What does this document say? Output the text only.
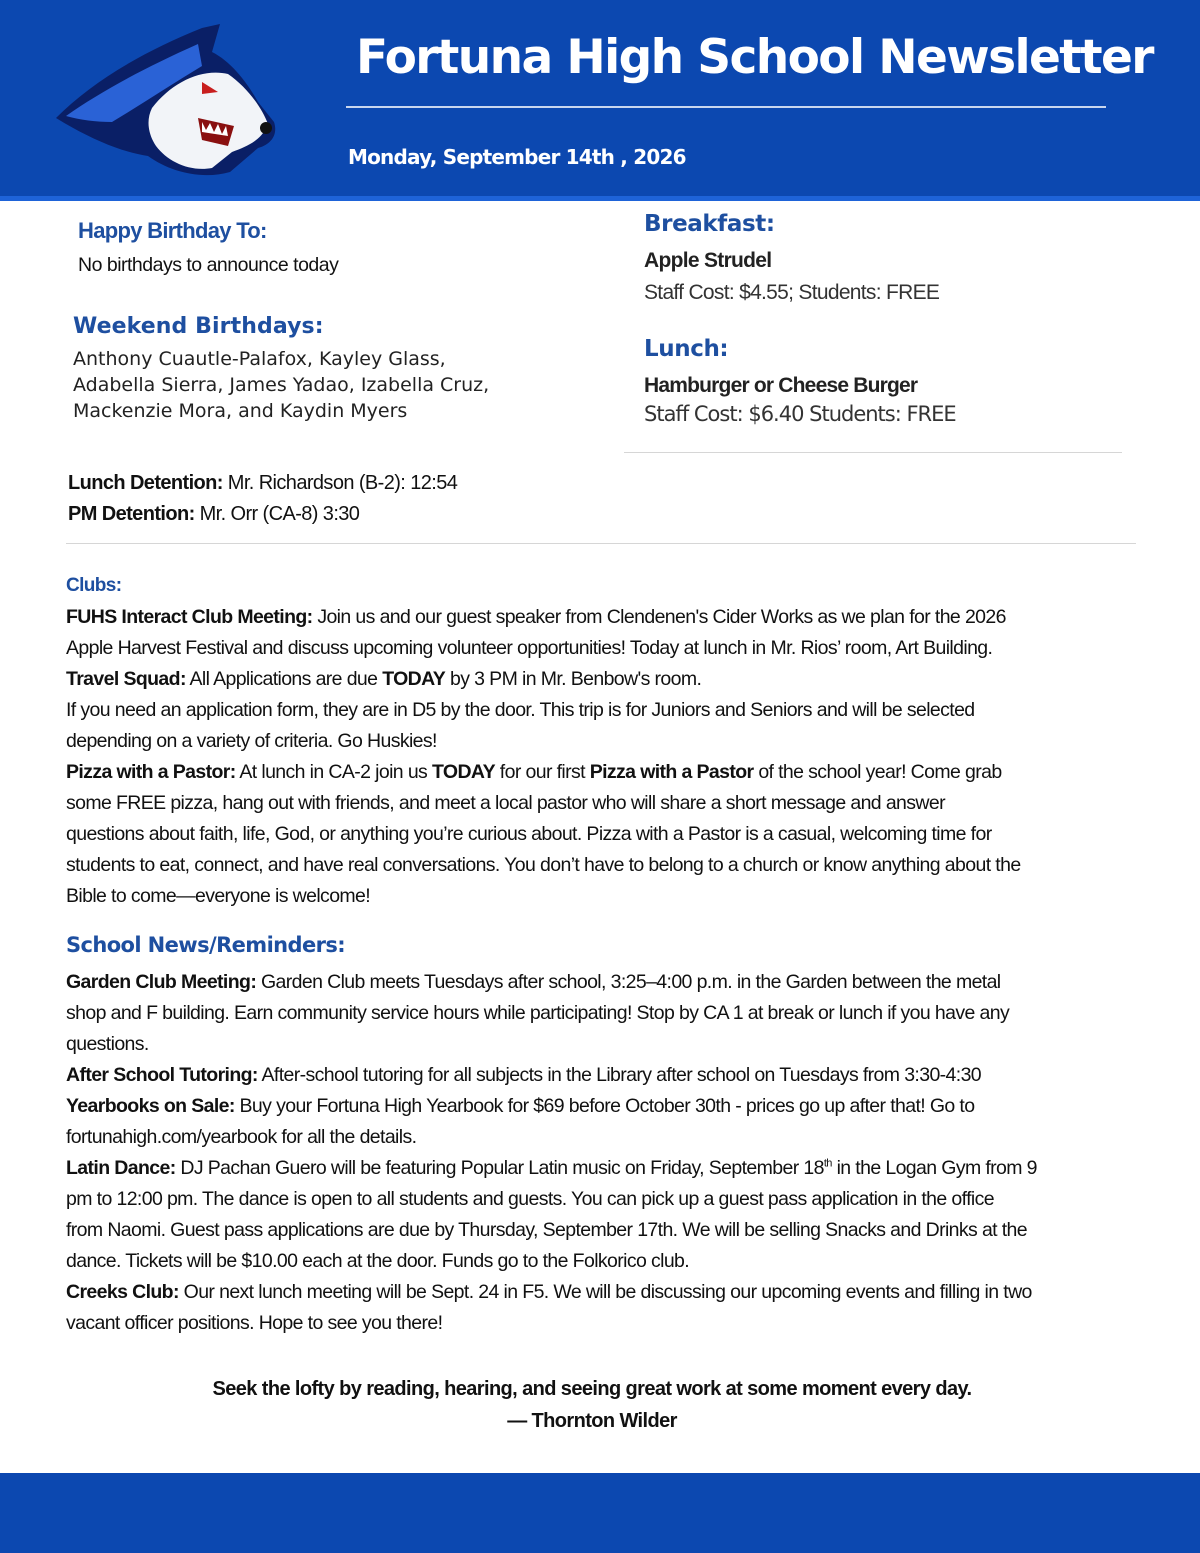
Fortuna High School Newsletter
Monday, September 14th , 2026
Happy Birthday To:
No birthdays to announce today
Weekend Birthdays:
Anthony Cuautle-Palafox, Kayley Glass,
Adabella Sierra, James Yadao, Izabella Cruz,
Mackenzie Mora, and Kaydin Myers
Breakfast:
Apple Strudel
Staff Cost: $4.55; Students: FREE
Lunch:
Hamburger or Cheese Burger
Staff Cost: $6.40 Students: FREE
Lunch Detention: Mr. Richardson (B-2): 12:54
PM Detention: Mr. Orr (CA-8) 3:30
Clubs:
FUHS Interact Club Meeting: Join us and our guest speaker from Clendenen's Cider Works as we plan for the 2026
Apple Harvest Festival and discuss upcoming volunteer opportunities! Today at lunch in Mr. Rios’ room, Art Building.
Travel Squad: All Applications are due TODAY by 3 PM in Mr. Benbow's room.
If you need an application form, they are in D5 by the door. This trip is for Juniors and Seniors and will be selected
depending on a variety of criteria. Go Huskies!
Pizza with a Pastor: At lunch in CA-2 join us TODAY for our first Pizza with a Pastor of the school year! Come grab
some FREE pizza, hang out with friends, and meet a local pastor who will share a short message and answer
questions about faith, life, God, or anything you’re curious about. Pizza with a Pastor is a casual, welcoming time for
students to eat, connect, and have real conversations. You don’t have to belong to a church or know anything about the
Bible to come—everyone is welcome!
School News/Reminders:
Garden Club Meeting: Garden Club meets Tuesdays after school, 3:25–4:00 p.m. in the Garden between the metal
shop and F building. Earn community service hours while participating! Stop by CA 1 at break or lunch if you have any
questions.
After School Tutoring: After-school tutoring for all subjects in the Library after school on Tuesdays from 3:30-4:30
Yearbooks on Sale: Buy your Fortuna High Yearbook for $69 before October 30th - prices go up after that! Go to
fortunahigh.com/yearbook for all the details.
Latin Dance: DJ Pachan Guero will be featuring Popular Latin music on Friday, September 18th in the Logan Gym from 9
pm to 12:00 pm. The dance is open to all students and guests. You can pick up a guest pass application in the office
from Naomi. Guest pass applications are due by Thursday, September 17th. We will be selling Snacks and Drinks at the
dance. Tickets will be $10.00 each at the door. Funds go to the Folkorico club.
Creeks Club: Our next lunch meeting will be Sept. 24 in F5. We will be discussing our upcoming events and filling in two
vacant officer positions. Hope to see you there!
Seek the lofty by reading, hearing, and seeing great work at some moment every day.
— Thornton Wilder
